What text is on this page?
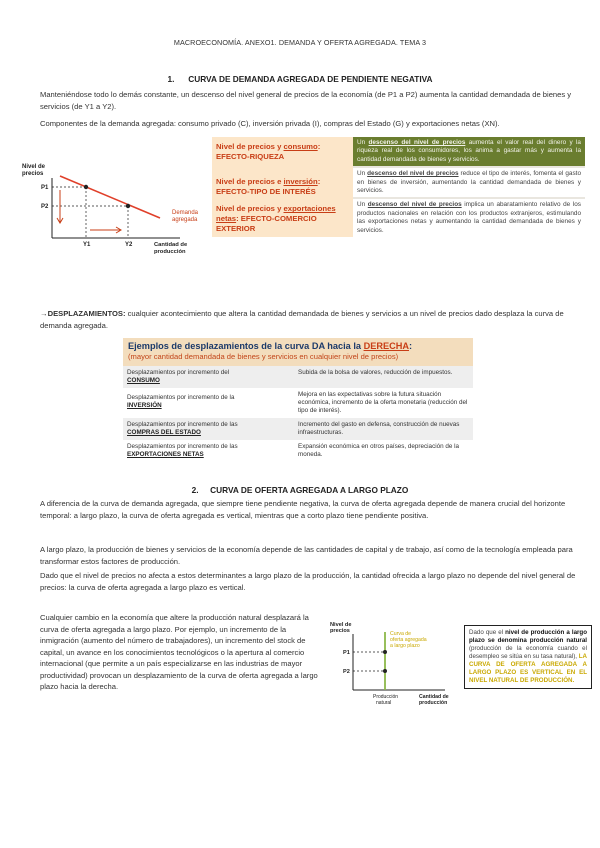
MACROECONOMÍA. ANEXO1. DEMANDA Y OFERTA AGREGADA. TEMA 3
1.      CURVA DE DEMANDA AGREGADA DE PENDIENTE NEGATIVA
Manteniéndose todo lo demás constante, un descenso del nivel general de precios de la economía (de P1 a P2) aumenta la cantidad demandada de bienes y servicios (de Y1 a Y2).
Componentes de la demanda agregada: consumo privado (C), inversión privada (I), compras del Estado (G) y exportaciones netas (XN).
Nivel de
precios
P1
P2
Y1	Y2
Demanda
agregada
Cantidad de
producción
Nivel de precios y consumo: EFECTO-RIQUEZA	Un descenso del nivel de precios aumenta el valor real del dinero y la riqueza real de los consumidores, los anima a gastar más y aumenta la cantidad demandada de bienes y servicios.
Nivel de precios e inversión: EFECTO-TIPO DE INTERÉS	Un descenso del nivel de precios reduce el tipo de interés, fomenta el gasto en bienes de inversión, aumentando la cantidad demandada de bienes y servicios.
Nivel de precios y exportaciones netas: EFECTO-COMERCIO EXTERIOR	Un descenso del nivel de precios implica un abaratamiento relativo de los productos nacionales en relación con los productos extranjeros, estimulando las exportaciones netas y aumentando la cantidad demandada de bienes y servicios.
→DESPLAZAMIENTOS: cualquier acontecimiento que altera la cantidad demandada de bienes y servicios a un nivel de precios dado desplaza la curva de demanda agregada.
Ejemplos de desplazamientos de la curva DA hacia la DERECHA:
(mayor cantidad demandada de bienes y servicios en cualquier nivel de precios)
Desplazamientos por incremento del
CONSUMO	Subida de la bolsa de valores, reducción de impuestos.
Desplazamientos por incremento de la
INVERSIÓN	Mejora en las expectativas sobre la futura situación económica, incremento de la oferta monetaria (reducción del tipo de interés).
Desplazamientos por incremento de las
COMPRAS DEL ESTADO	Incremento del gasto en defensa, construcción de nuevas infraestructuras.
Desplazamientos por incremento de las
EXPORTACIONES NETAS	Expansión económica en otros países, depreciación de la moneda.
2.     CURVA DE OFERTA AGREGADA A LARGO PLAZO
A diferencia de la curva de demanda agregada, que siempre tiene pendiente negativa, la curva de oferta agregada depende de manera crucial del horizonte temporal: a largo plazo, la curva de oferta agregada es vertical, mientras que a corto plazo tiene pendiente positiva.
A largo plazo, la producción de bienes y servicios de la economía depende de las cantidades de capital y de trabajo, así como de la tecnología empleada para transformar estos factores de producción.
Dado que el nivel de precios no afecta a estos determinantes a largo plazo de la producción, la cantidad ofrecida a largo plazo no depende del nivel general de precios: la curva de oferta agregada a largo plazo es vertical.
Cualquier cambio en la economía que altere la producción natural desplazará la curva de oferta agregada a largo plazo. Por ejemplo, un incremento de la inmigración (aumento del número de trabajadores), un incremento del stock de capital, un avance en los conocimientos tecnológicos o la apertura al comercio internacional (que permite a un país especializarse en las industrias de mayor productividad) provocan un desplazamiento de la curva de oferta agregada a largo plazo hacia la derecha.
Nivel de
precios
P1
P2
Curva de
oferta agregada
a largo plazo
Producción
natural
Cantidad de
producción
Dado que el nivel de producción a largo plazo se denomina producción natural (producción de la economía cuando el desempleo se sitúa en su tasa natural), LA CURVA DE OFERTA AGREGADA A LARGO PLAZO ES VERTICAL EN EL NIVEL NATURAL DE PRODUCCIÓN.
